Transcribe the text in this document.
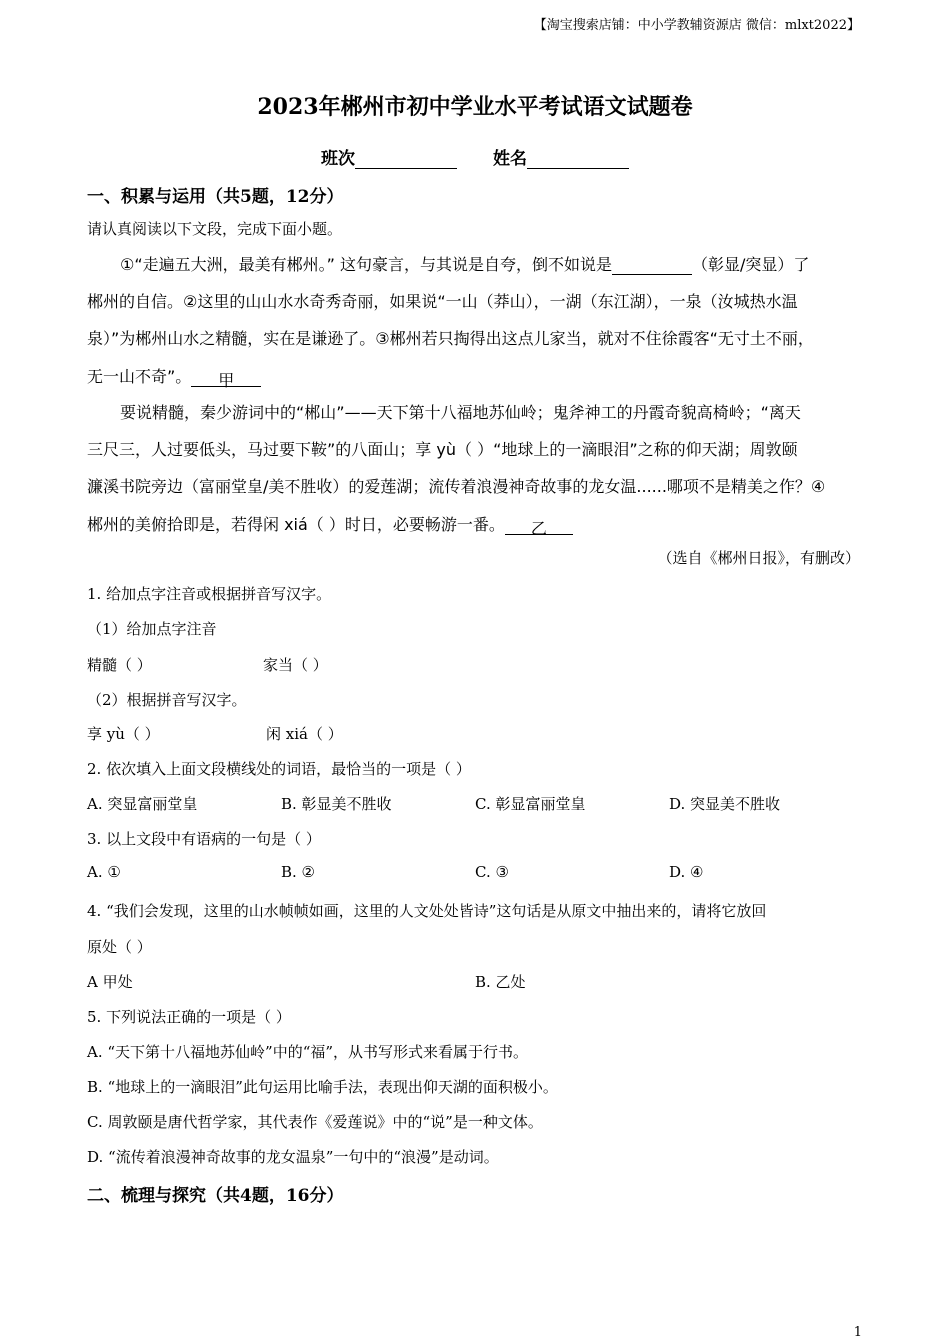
【淘宝搜索店铺：中小学教辅资源店 微信：mlxt2022】
2023年郴州市初中学业水平考试语文试题卷
班次	姓名
一、积累与运用（共5题，12分）
请认真阅读以下文段，完成下面小题。
①“走遍五大洲，最美有郴州。” 这句豪言，与其说是自夸，倒不如说是	（彰显/突显）了
郴州的自信。②这里的山山水水奇秀奇丽，如果说“一山（莽山），一湖（东江湖），一泉（汝城热水温
泉）”为郴州山水之精髓，实在是谦逊了。③郴州若只掏得出这点儿家当，就对不住徐霞客“无寸土不丽，
无一山不奇”。 甲
要说精髓，秦少游词中的“郴山”——天下第十八福地苏仙岭；鬼斧神工的丹霞奇貌高椅岭；“离天
三尺三，人过要低头，马过要下鞍”的八面山；享 yù（ ）“地球上的一滴眼泪”之称的仰天湖；周敦颐
濂溪书院旁边（富丽堂皇/美不胜收）的爱莲湖；流传着浪漫神奇故事的龙女温......哪项不是精美之作？④
郴州的美俯拾即是，若得闲 xiá（ ）时日，必要畅游一番。 乙
（选自《郴州日报》，有删改）
1. 给加点字注音或根据拼音写汉字。
（1）给加点字注音
精髓（ ）	家当（ ）
（2）根据拼音写汉字。
享 yù（ ）	闲 xiá（ ）
2. 依次填入上面文段横线处的词语，最恰当的一项是（ ）
A. 突显富丽堂皇	B. 彰显美不胜收	C. 彰显富丽堂皇	D. 突显美不胜收
3. 以上文段中有语病的一句是（ ）
A. ①	B. ②	C. ③	D. ④
4. “我们会发现，这里的山水帧帧如画，这里的人文处处皆诗”这句话是从原文中抽出来的，请将它放回
原处（ ）
A 甲处	B. 乙处
5. 下列说法正确的一项是（ ）
A. “天下第十八福地苏仙岭”中的“福”，从书写形式来看属于行书。
B. “地球上的一滴眼泪”此句运用比喻手法，表现出仰天湖的面积极小。
C. 周敦颐是唐代哲学家，其代表作《爱莲说》中的“说”是一种文体。
D. “流传着浪漫神奇故事的龙女温泉”一句中的“浪漫”是动词。
二、梳理与探究（共4题，16分）
1
